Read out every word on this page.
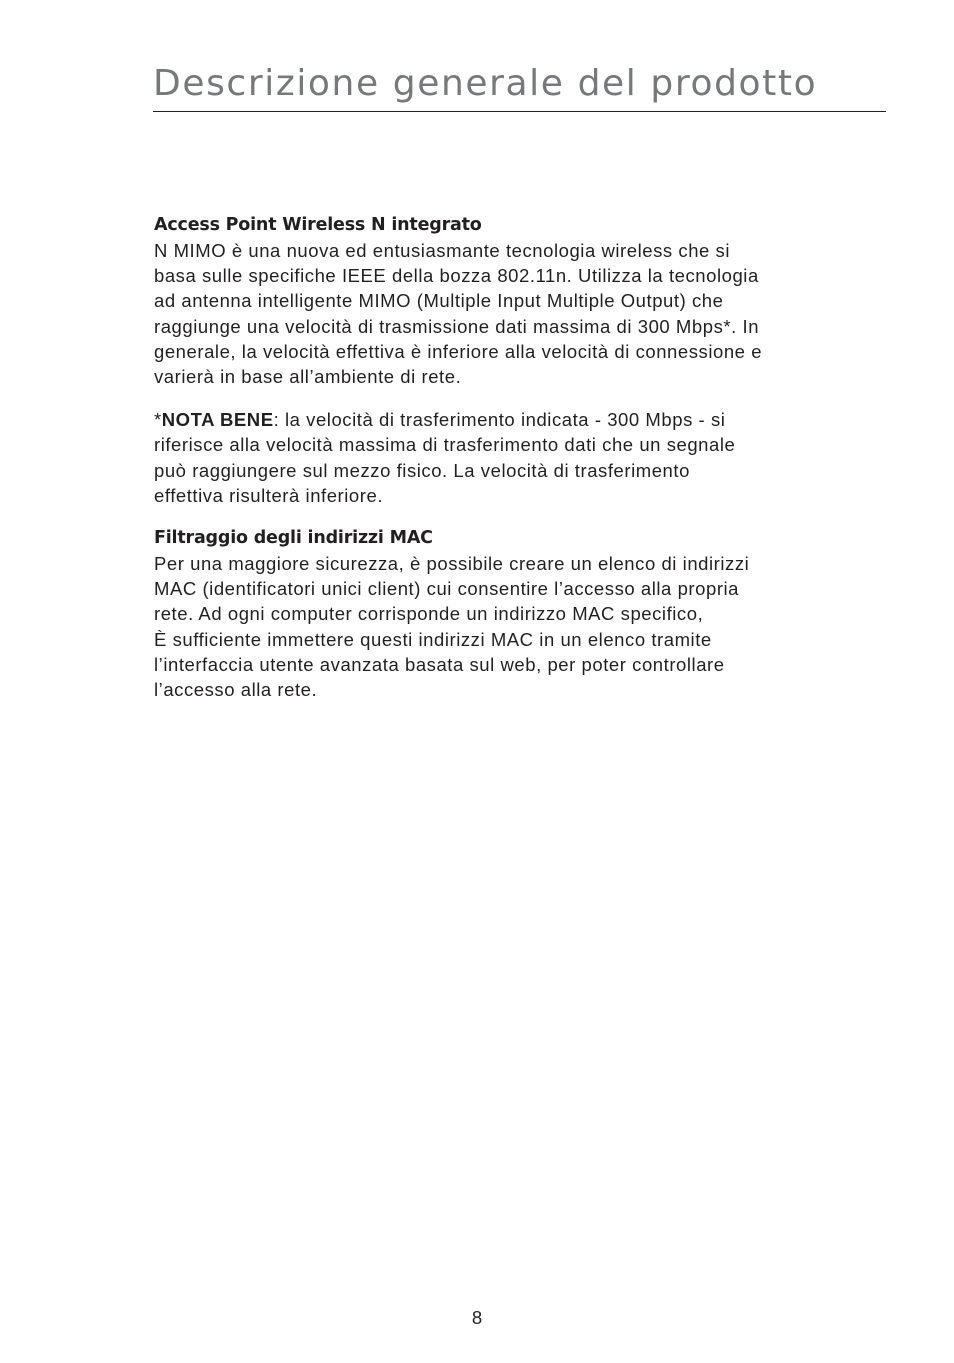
Descrizione generale del prodotto
Access Point Wireless N integrato

N MIMO è una nuova ed entusiasmante tecnologia wireless che si
basa sulle specifiche IEEE della bozza 802.11n. Utilizza la tecnologia
ad antenna intelligente MIMO (Multiple Input Multiple Output) che
raggiunge una velocità di trasmissione dati massima di 300 Mbps*. In
generale, la velocità effettiva è inferiore alla velocità di connessione e
varierà in base all’ambiente di rete.

*NOTA BENE: la velocità di trasferimento indicata - 300 Mbps - si
riferisce alla velocità massima di trasferimento dati che un segnale
può raggiungere sul mezzo fisico. La velocità di trasferimento
effettiva risulterà inferiore.

Filtraggio degli indirizzi MAC

Per una maggiore sicurezza, è possibile creare un elenco di indirizzi
MAC (identificatori unici client) cui consentire l’accesso alla propria
rete. Ad ogni computer corrisponde un indirizzo MAC specifico,
È sufficiente immettere questi indirizzi MAC in un elenco tramite
l’interfaccia utente avanzata basata sul web, per poter controllare
l’accesso alla rete.

8
